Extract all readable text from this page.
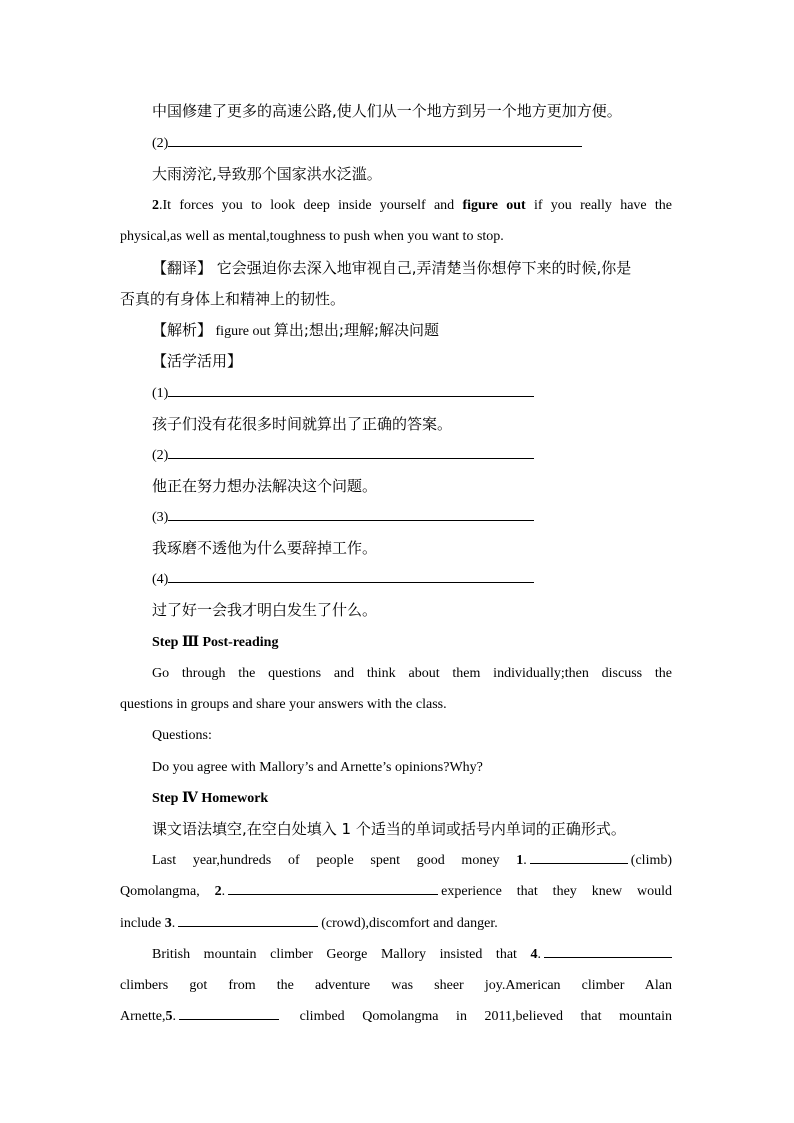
中国修建了更多的高速公路,使人们从一个地方到另一个地方更加方便。
(2)
大雨滂沱,导致那个国家洪水泛滥。
2.It forces you to look deep inside yourself and figure out if you really have the
physical,as well as mental,toughness to push when you want to stop.
【翻译】 它会强迫你去深入地审视自己,弄清楚当你想停下来的时候,你是
否真的有身体上和精神上的韧性。
【解析】 figure out 算出;想出;理解;解决问题
【活学活用】
(1)
孩子们没有花很多时间就算出了正确的答案。
(2)
他正在努力想办法解决这个问题。
(3)
我琢磨不透他为什么要辞掉工作。
(4)
过了好一会我才明白发生了什么。
Step Ⅲ Post-reading
Go through the questions and think about them individually;then discuss the
questions in groups and share your answers with the class.
Questions:
Do you agree with Mallory’s and Arnette’s opinions?Why?
Step Ⅳ Homework
课文语法填空,在空白处填入 1 个适当的单词或括号内单词的正确形式。
Last year,hundreds of people spent good money 1.	(climb)
Qomolangma, 2.	experience that they knew would
include 3.	(crowd),discomfort and danger.
British mountain climber George Mallory insisted that 4.
climbers got from the adventure was sheer joy.American climber Alan
Arnette,5.	climbed Qomolangma in 2011,believed that mountain
